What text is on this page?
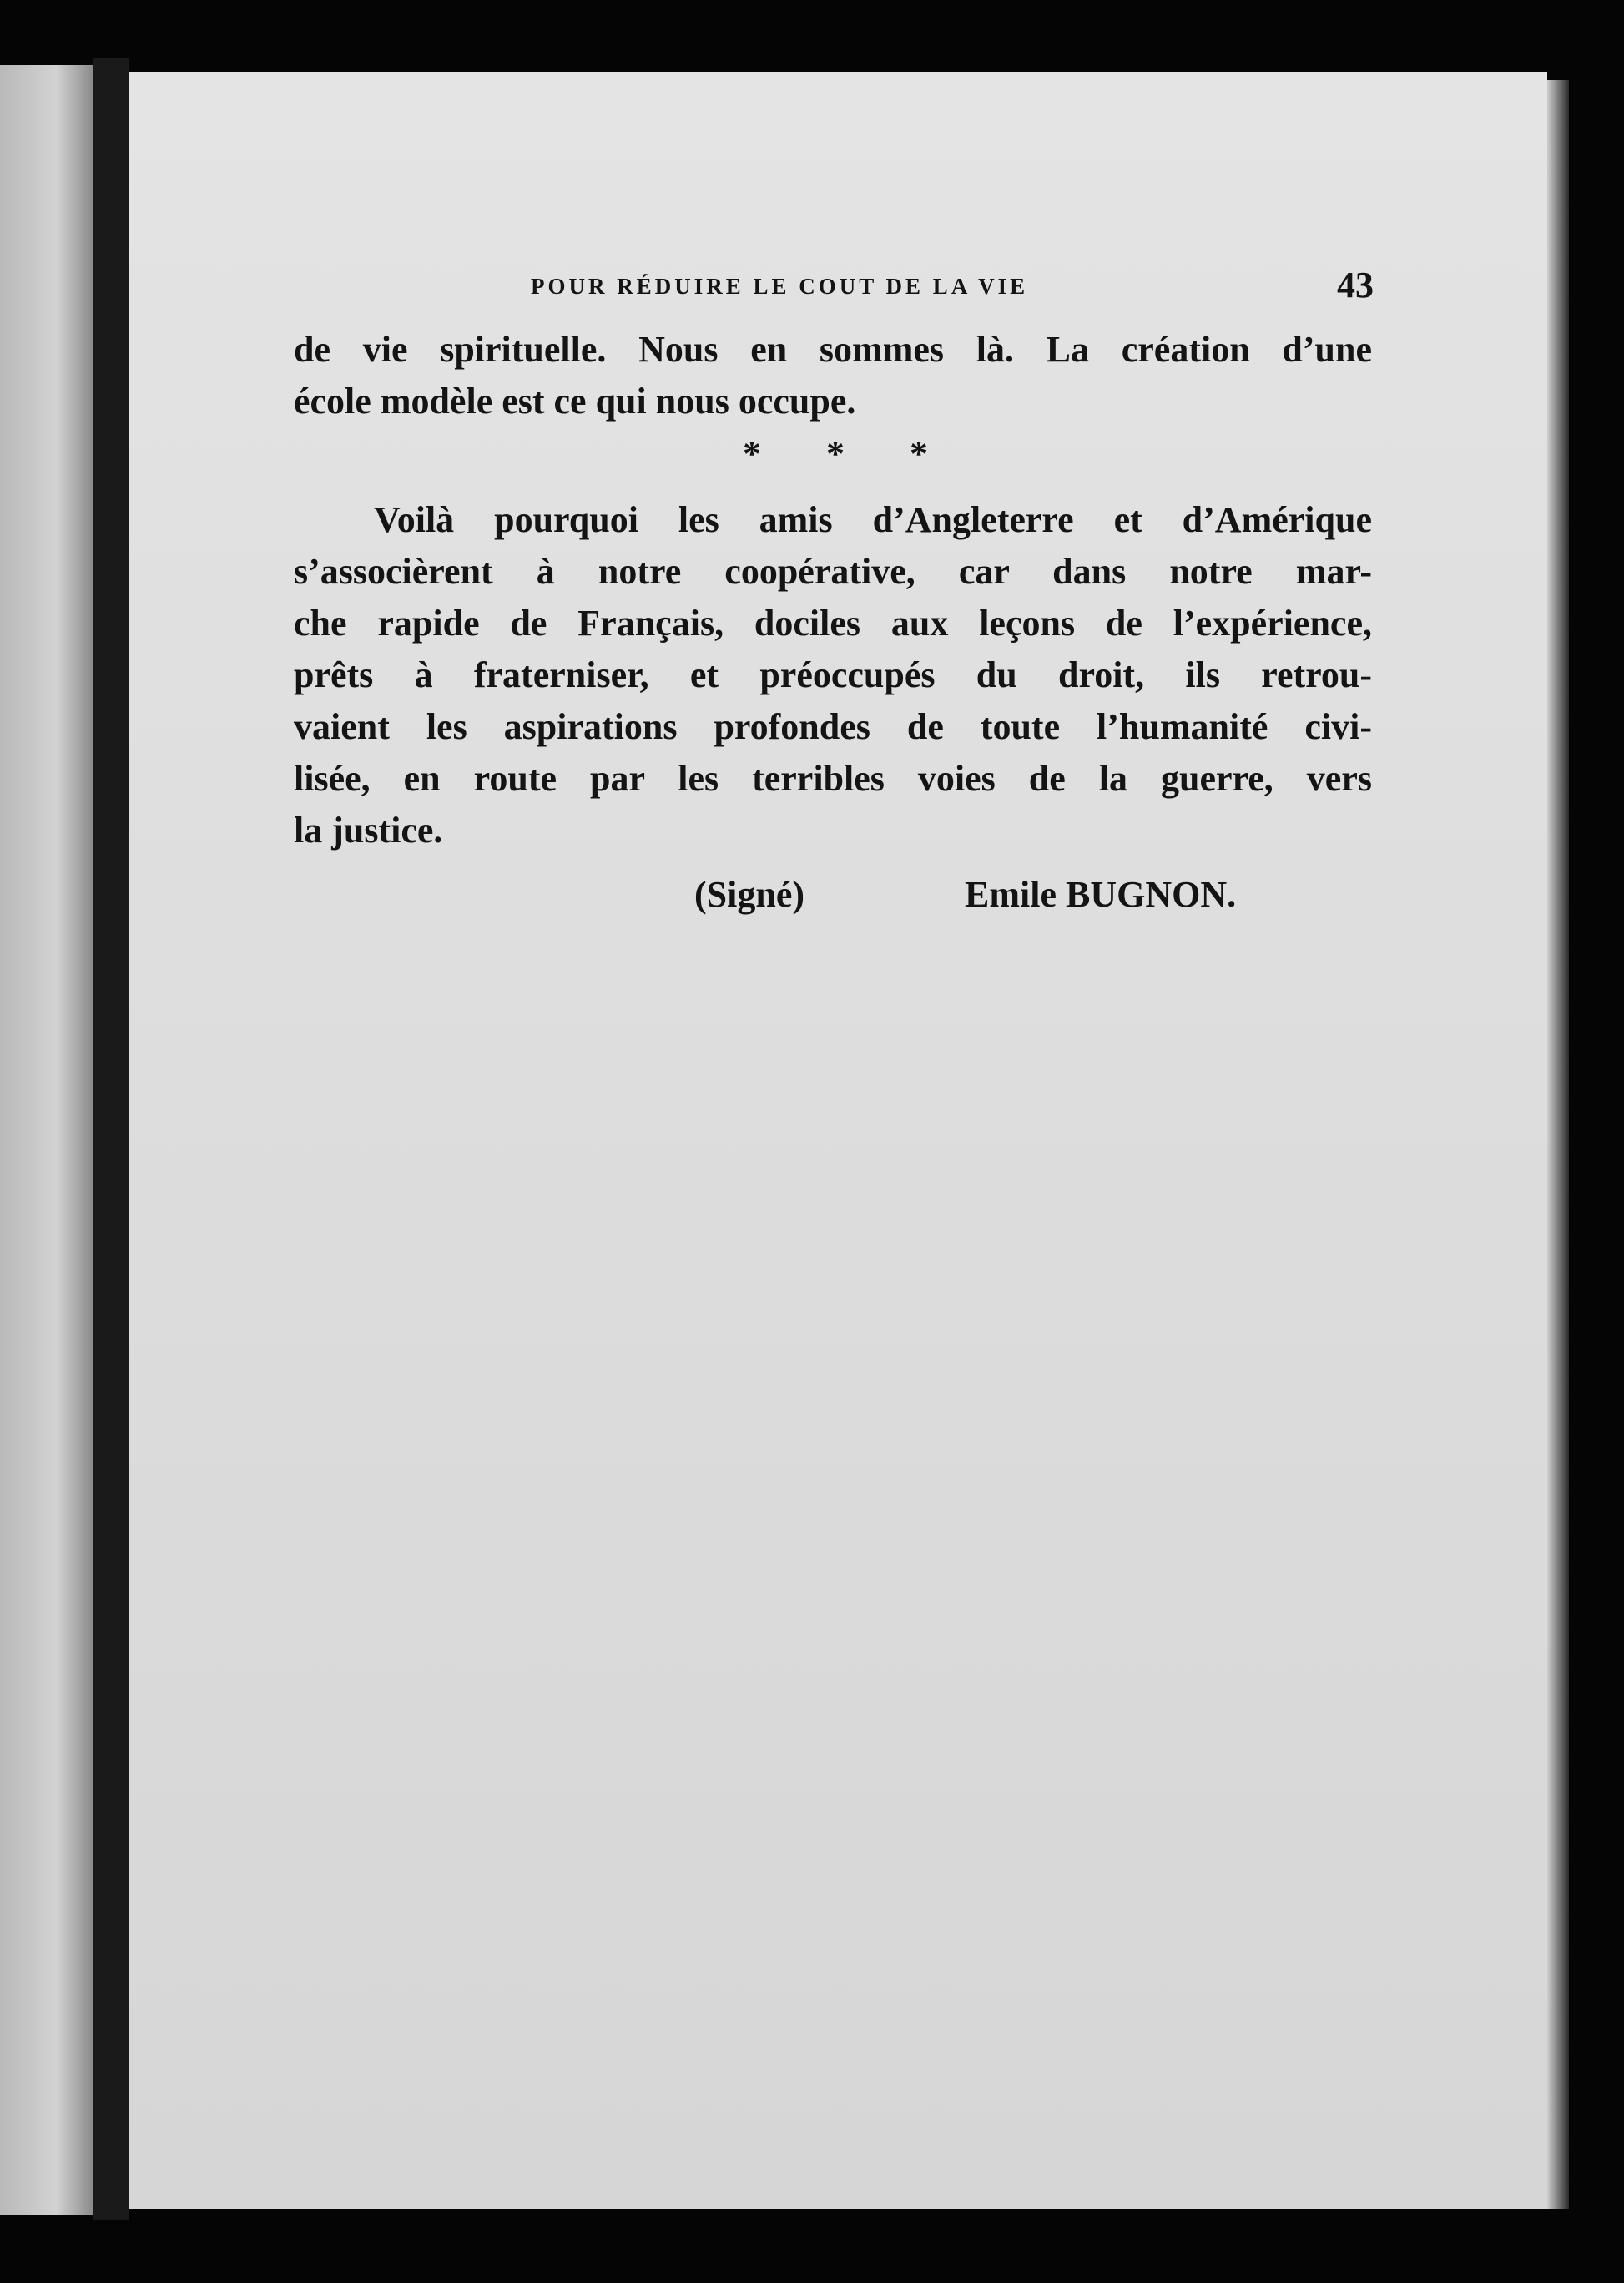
POUR RÉDUIRE LE COUT DE LA VIE	43

de vie spirituelle. Nous en sommes là. La création d’une
école modèle est ce qui nous occupe.

* * *

Voilà pourquoi les amis d’Angleterre et d’Amérique
s’associèrent à notre coopérative, car dans notre mar-
che rapide de Français, dociles aux leçons de l’expérience,
prêts à fraterniser, et préoccupés du droit, ils retrou-
vaient les aspirations profondes de toute l’humanité civi-
lisée, en route par les terribles voies de la guerre, vers
la justice.

(Signé)	Emile BUGNON.
